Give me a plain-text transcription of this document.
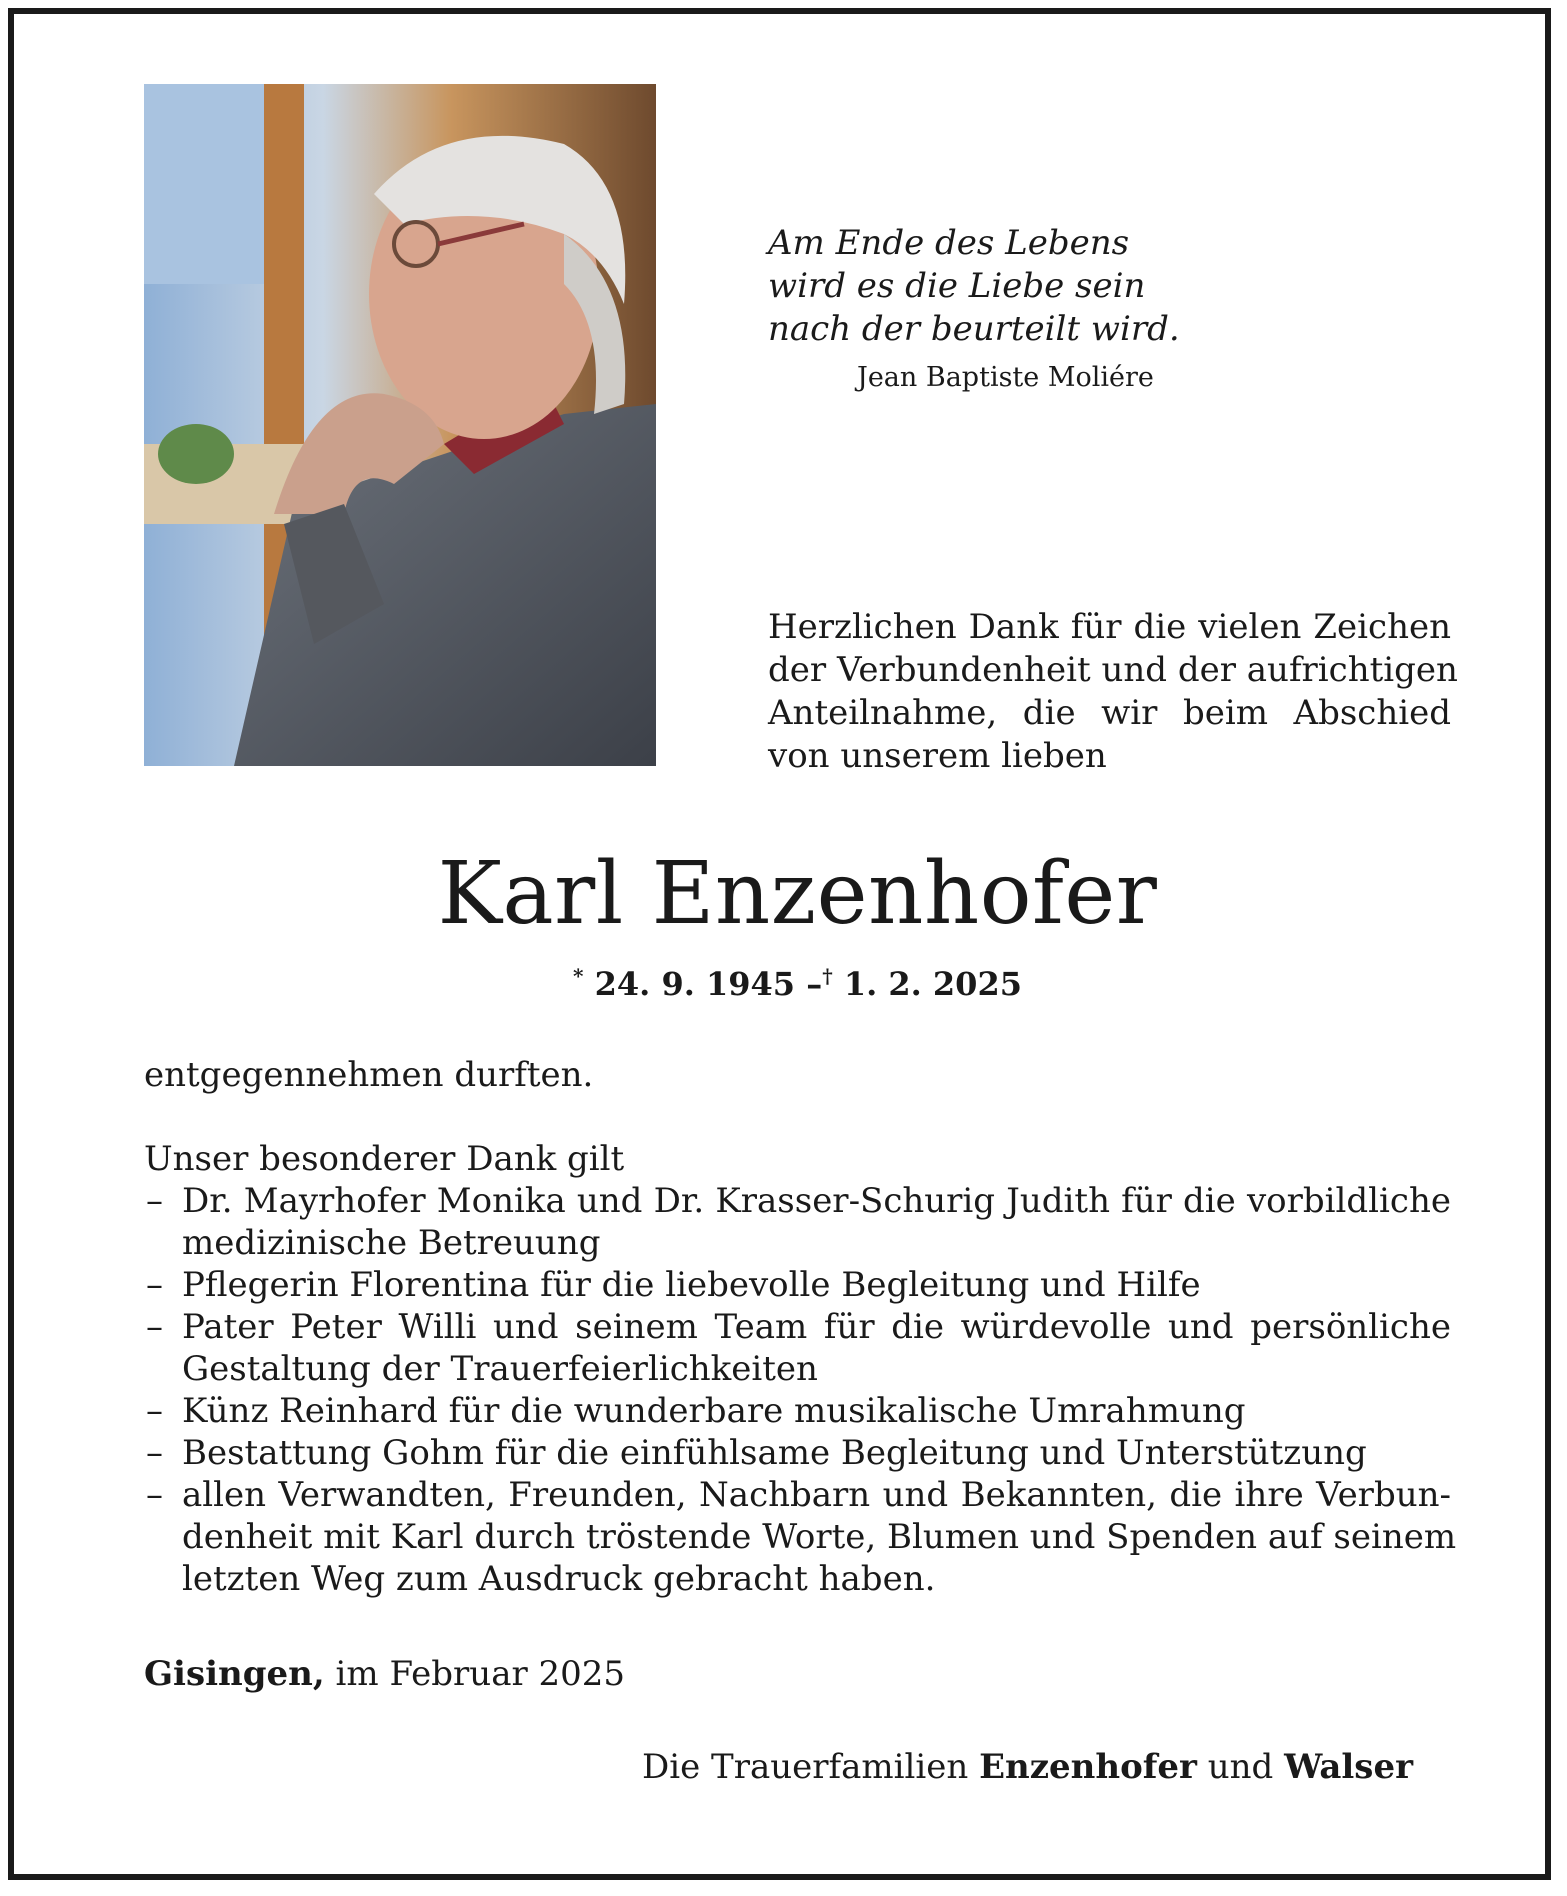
Am Ende des Lebens
wird es die Liebe sein
nach der beurteilt wird.
Jean Baptiste Moliére
Herzlichen Dank für die vielen Zeichen
der Verbundenheit und der aufrichtigen
Anteilnahme, die wir beim Abschied
von unserem lieben
Karl Enzenhofer
* 24. 9. 1945 –† 1. 2. 2025

entgegennehmen durften.

Unser besonderer Dank gilt
– Dr. Mayrhofer Monika und Dr. Krasser-Schurig Judith für die vorbildliche
medizinische Betreuung
– Pflegerin Florentina für die liebevolle Begleitung und Hilfe
– Pater Peter Willi und seinem Team für die würdevolle und persönliche
Gestaltung der Trauerfeierlichkeiten
– Künz Reinhard für die wunderbare musikalische Umrahmung
– Bestattung Gohm für die einfühlsame Begleitung und Unterstützung
– allen Verwandten, Freunden, Nachbarn und Bekannten, die ihre Verbun-
denheit mit Karl durch tröstende Worte, Blumen und Spenden auf seinem
letzten Weg zum Ausdruck gebracht haben.
Gisingen, im Februar 2025
Die Trauerfamilien Enzenhofer und Walser
